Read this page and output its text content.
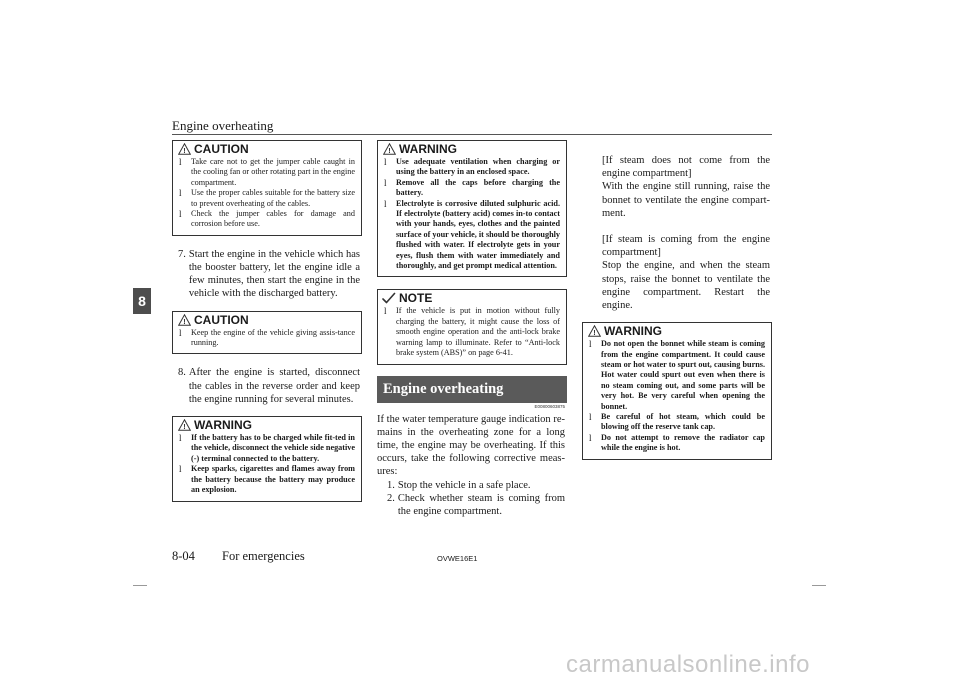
Engine overheating
8
! CAUTION
l	Take care not to get the jumper cable caught in the cooling fan or other rotating part in the engine compartment.
l	Use the proper cables suitable for the battery size to prevent overheating of the cables.
l	Check the jumper cables for damage and corrosion before use.
7. Start the engine in the vehicle which has the booster battery, let the engine idle a few minutes, then start the engine in the vehicle with the discharged battery.
! CAUTION
l	Keep the engine of the vehicle giving assis-tance running.
8. After the engine is started, disconnect the cables in the reverse order and keep the engine running for several minutes.
! WARNING
l	If the battery has to be charged while fit-ted in the vehicle, disconnect the vehicle side negative (-) terminal connected to the battery.
l	Keep sparks, cigarettes and flames away from the battery because the battery may produce an explosion.
! WARNING
l	Use adequate ventilation when charging or using the battery in an enclosed space.
l	Remove all the caps before charging the battery.
l	Electrolyte is corrosive diluted sulphuric acid. If electrolyte (battery acid) comes in-to contact with your hands, eyes, clothes and the painted surface of your vehicle, it should be thoroughly flushed with water. If electrolyte gets in your eyes, flush them with water immediately and thoroughly, and get prompt medical attention.
NOTE
l	If the vehicle is put in motion without fully charging the battery, it might cause the loss of smooth engine operation and the anti-lock brake warning lamp to illuminate. Refer to “Anti-lock brake system (ABS)” on page 6-41.
Engine overheating
E00800603875

If the water temperature gauge indication re-mains in the overheating zone for a long time, the engine may be overheating. If this occurs, take the following corrective meas-ures:

1. Stop the vehicle in a safe place.
2. Check whether steam is coming from the engine compartment.

[If steam does not come from the engine compartment]

With the engine still running, raise the bonnet to ventilate the engine compart-ment.

[If steam is coming from the engine compartment]

Stop the engine, and when the steam stops, raise the bonnet to ventilate the engine compartment. Restart the engine.

! WARNING
l	Do not open the bonnet while steam is coming from the engine compartment. It could cause steam or hot water to spurt out, causing burns. Hot water could spurt out even when there is no steam coming out, and some parts will be very hot. Be very careful when opening the bonnet.
l	Be careful of hot steam, which could be blowing off the reserve tank cap.
l	Do not attempt to remove the radiator cap while the engine is hot.
8-04 For emergencies	OVWE16E1
carmanualsonline.info
